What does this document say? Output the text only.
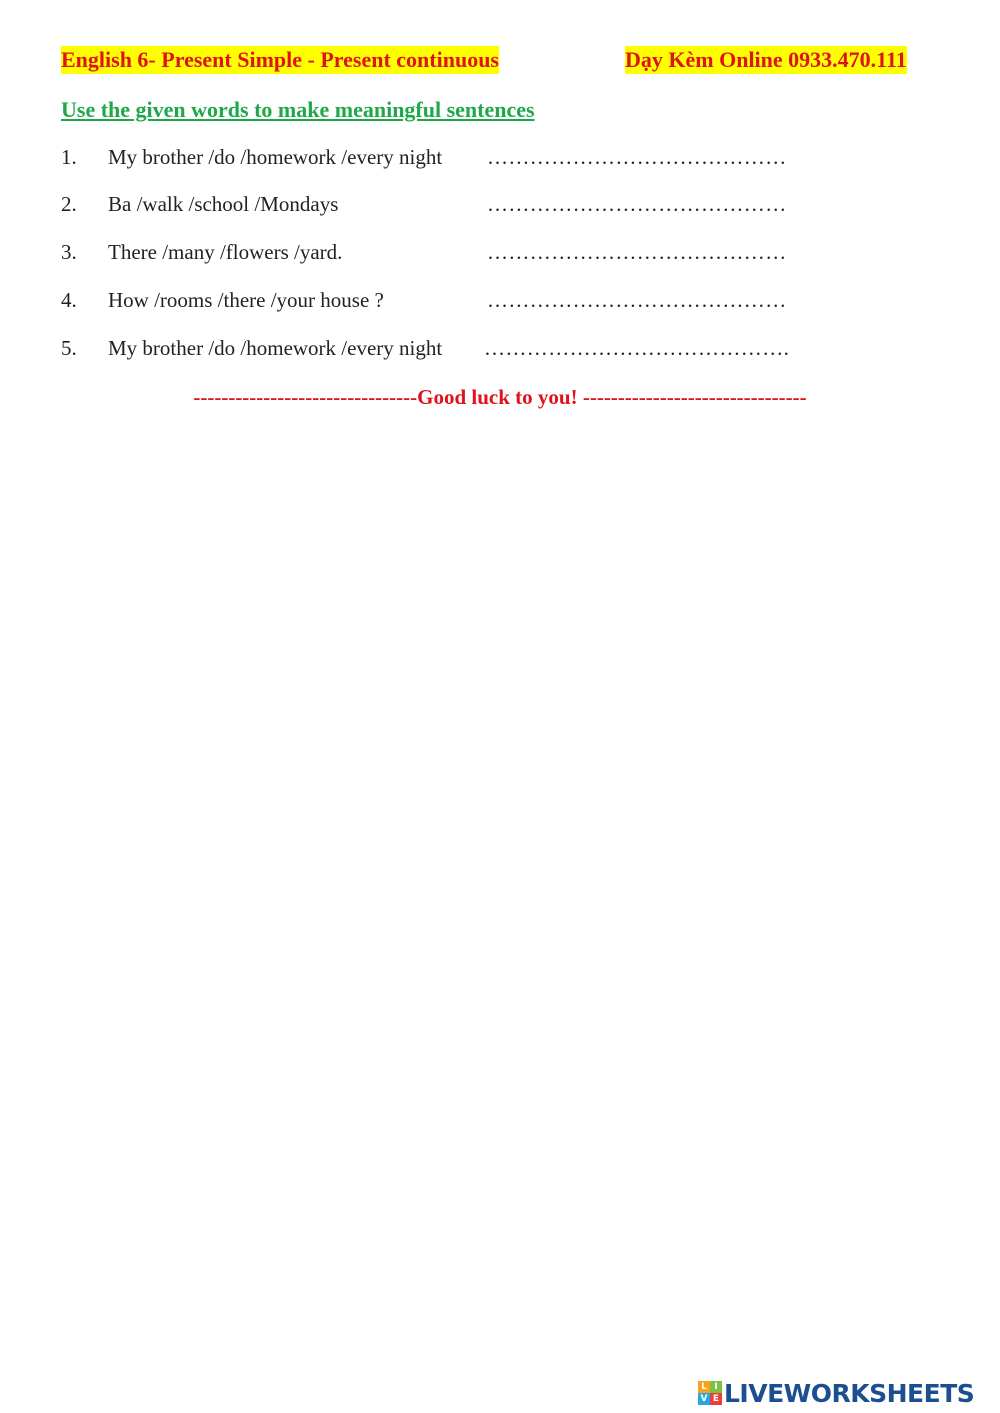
English 6- Present Simple - Present continuous	Dạy Kèm Online 0933.470.111
Use the given words to make meaningful sentences
1. My brother /do /homework /every night ……………………………………
2. Ba /walk /school /Mondays	……………………………………
3. There /many /flowers /yard.	……………………………………
4. How /rooms /there /your house ?	……………………………………
5. My brother /do /homework /every night …………………………………….
--------------------------------Good luck to you! --------------------------------
L I
V E LIVEWORKSHEETS
